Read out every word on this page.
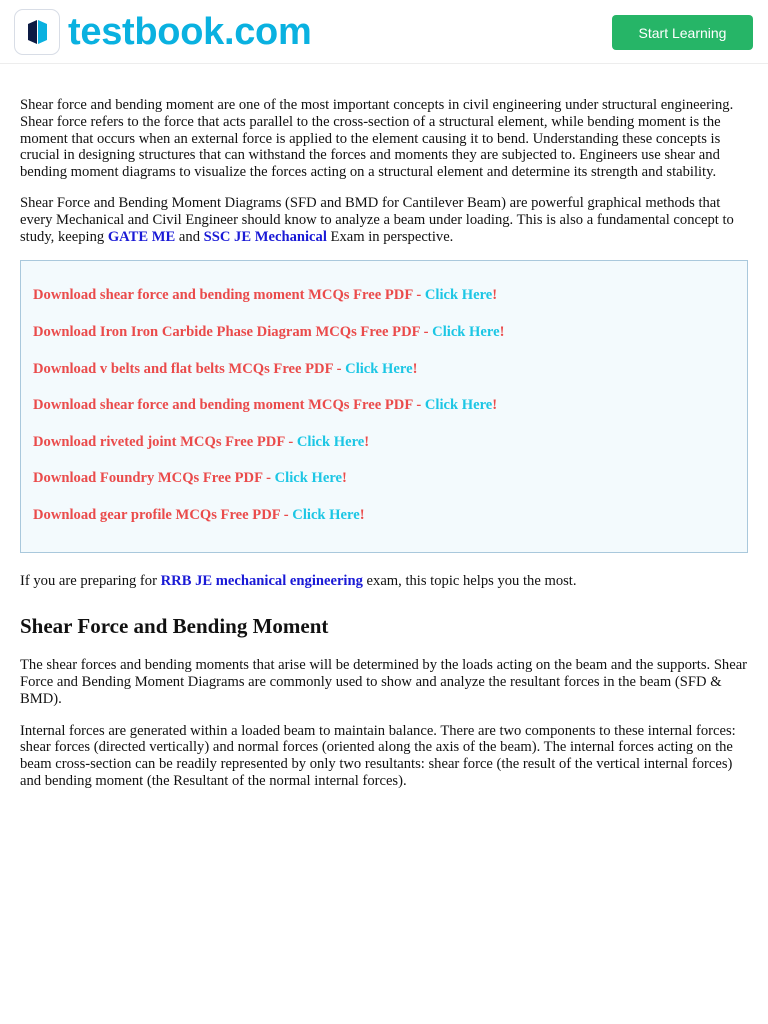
testbook.com	Start Learning

Shear force and bending moment are one of the most important concepts in civil engineering under structural engineering. Shear force refers to the force that acts parallel to the cross-section of a structural element, while bending moment is the moment that occurs when an external force is applied to the element causing it to bend. Understanding these concepts is crucial in designing structures that can withstand the forces and moments they are subjected to. Engineers use shear and bending moment diagrams to visualize the forces acting on a structural element and determine its strength and stability.

Shear Force and Bending Moment Diagrams (SFD and BMD for Cantilever Beam) are powerful graphical methods that every Mechanical and Civil Engineer should know to analyze a beam under loading. This is also a fundamental concept to study, keeping GATE ME and SSC JE Mechanical Exam in perspective.

Download shear force and bending moment MCQs Free PDF - Click Here!
Download Iron Iron Carbide Phase Diagram MCQs Free PDF - Click Here!
Download v belts and flat belts MCQs Free PDF - Click Here!
Download shear force and bending moment MCQs Free PDF - Click Here!
Download riveted joint MCQs Free PDF - Click Here!
Download Foundry MCQs Free PDF - Click Here!
Download gear profile MCQs Free PDF - Click Here!

If you are preparing for RRB JE mechanical engineering exam, this topic helps you the most.

Shear Force and Bending Moment

The shear forces and bending moments that arise will be determined by the loads acting on the beam and the supports. Shear Force and Bending Moment Diagrams are commonly used to show and analyze the resultant forces in the beam (SFD & BMD).

Internal forces are generated within a loaded beam to maintain balance. There are two components to these internal forces: shear forces (directed vertically) and normal forces (oriented along the axis of the beam). The internal forces acting on the beam cross-section can be readily represented by only two resultants: shear force (the result of the vertical internal forces) and bending moment (the Resultant of the normal internal forces).
